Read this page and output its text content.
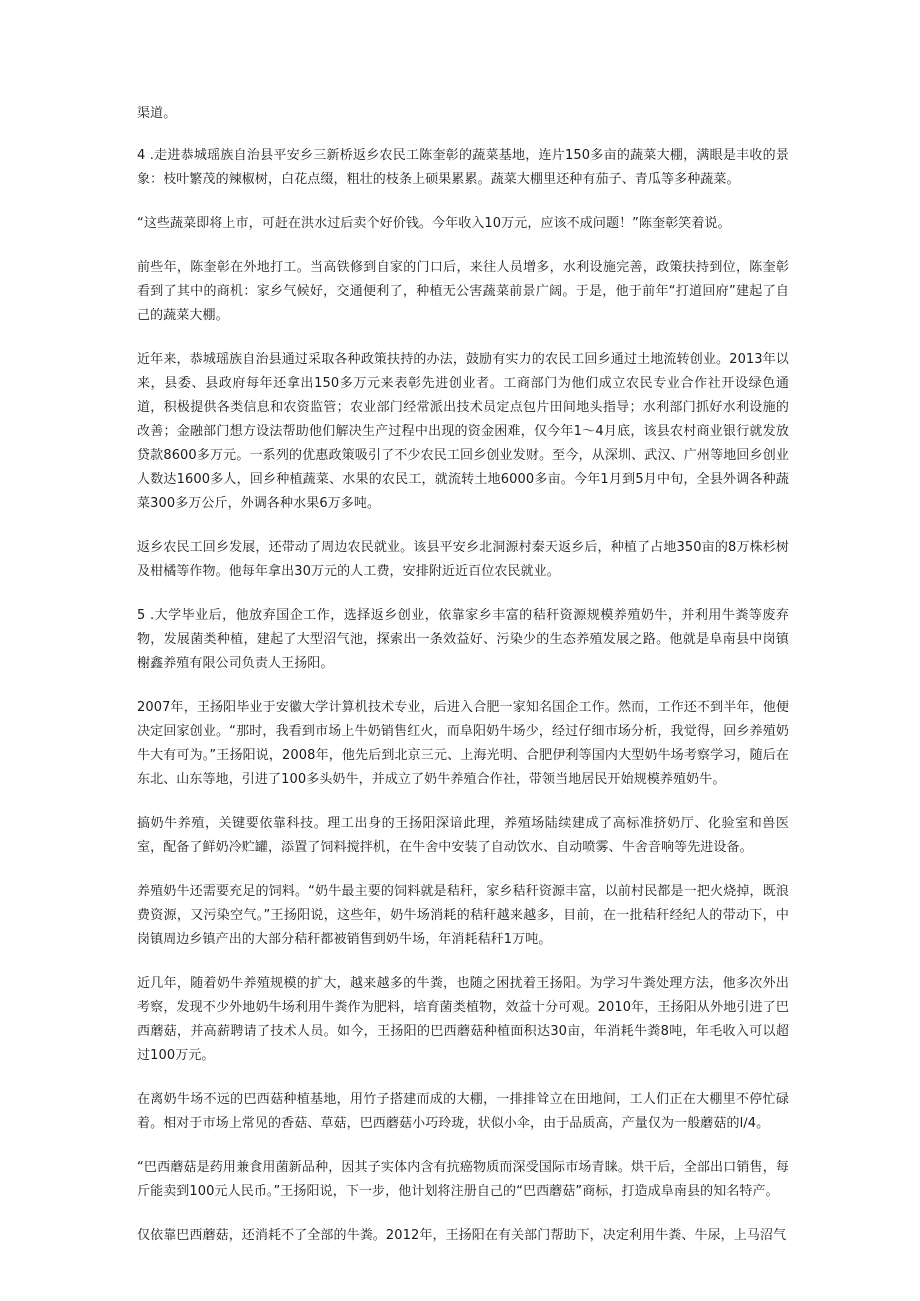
渠道。

4 .走进恭城瑶族自治县平安乡三新桥返乡农民工陈奎彰的蔬菜基地，连片150多亩的蔬菜大棚，满眼是丰收的景象：枝叶繁茂的辣椒树，白花点缀，粗壮的枝条上硕果累累。蔬菜大棚里还种有茄子、青瓜等多种蔬菜。

“这些蔬菜即将上市，可赶在洪水过后卖个好价钱。今年收入10万元，应该不成问题！”陈奎彰笑着说。

前些年，陈奎彰在外地打工。当高铁修到自家的门口后，来往人员增多，水利设施完善，政策扶持到位，陈奎彰看到了其中的商机：家乡气候好，交通便利了，种植无公害蔬菜前景广阔。于是，他于前年“打道回府”建起了自己的蔬菜大棚。

近年来，恭城瑶族自治县通过采取各种政策扶持的办法，鼓励有实力的农民工回乡通过土地流转创业。2013年以来，县委、县政府每年还拿出150多万元来表彰先进创业者。工商部门为他们成立农民专业合作社开设绿色通道，积极提供各类信息和农资监管；农业部门经常派出技术员定点包片田间地头指导；水利部门抓好水利设施的改善；金融部门想方设法帮助他们解决生产过程中出现的资金困难，仅今年1〜4月底，该县农村商业银行就发放贷款8600多万元。一系列的优惠政策吸引了不少农民工回乡创业发财。至今，从深圳、武汉、广州等地回乡创业人数达1600多人，回乡种植蔬菜、水果的农民工，就流转土地6000多亩。今年1月到5月中旬，全县外调各种蔬菜300多万公斤，外调各种水果6万多吨。

返乡农民工回乡发展，还带动了周边农民就业。该县平安乡北洞源村秦天返乡后，种植了占地350亩的8万株杉树及柑橘等作物。他每年拿出30万元的人工费，安排附近近百位农民就业。

5 .大学毕业后，他放弃国企工作，选择返乡创业，依靠家乡丰富的秸秆资源规模养殖奶牛，并利用牛粪等废弃物，发展菌类种植，建起了大型沼气池，探索出一条效益好、污染少的生态养殖发展之路。他就是阜南县中岗镇榭鑫养殖有限公司负责人王扬阳。

2007年，王扬阳毕业于安徽大学计算机技术专业，后进入合肥一家知名国企工作。然而，工作还不到半年，他便决定回家创业。“那时，我看到市场上牛奶销售红火，而阜阳奶牛场少，经过仔细市场分析，我觉得，回乡养殖奶牛大有可为。”王扬阳说，2008年，他先后到北京三元、上海光明、合肥伊利等国内大型奶牛场考察学习，随后在东北、山东等地，引进了100多头奶牛，并成立了奶牛养殖合作社，带领当地居民开始规模养殖奶牛。

搞奶牛养殖，关键要依靠科技。理工出身的王扬阳深谙此理，养殖场陆续建成了高标准挤奶厅、化验室和兽医室，配备了鲜奶冷贮罐，添置了饲料搅拌机，在牛舍中安装了自动饮水、自动喷雾、牛舍音响等先进设备。

养殖奶牛还需要充足的饲料。“奶牛最主要的饲料就是秸秆，家乡秸秆资源丰富，以前村民都是一把火烧掉，既浪费资源，又污染空气。”王扬阳说，这些年，奶牛场消耗的秸秆越来越多，目前，在一批秸秆经纪人的带动下，中岗镇周边乡镇产出的大部分秸秆都被销售到奶牛场，年消耗秸秆1万吨。

近几年，随着奶牛养殖规模的扩大，越来越多的牛粪，也随之困扰着王扬阳。为学习牛粪处理方法，他多次外出考察，发现不少外地奶牛场利用牛粪作为肥料，培育菌类植物，效益十分可观。2010年，王扬阳从外地引进了巴西蘑菇，并高薪聘请了技术人员。如今，王扬阳的巴西蘑菇种植面积达30亩，年消耗牛粪8吨，年毛收入可以超过100万元。

在离奶牛场不远的巴西菇种植基地，用竹子搭建而成的大棚，一排排耸立在田地间，工人们正在大棚里不停忙碌着。相对于市场上常见的香菇、草菇，巴西蘑菇小巧玲珑，状似小伞，由于品质高，产量仅为一般蘑菇的l∕4。

“巴西蘑菇是药用兼食用菌新品种，因其子实体内含有抗癌物质而深受国际市场青睐。烘干后，全部出口销售，每斤能卖到100元人民币。”王扬阳说，下一步，他计划将注册自己的“巴西蘑菇”商标，打造成阜南县的知名特产。

仅依靠巴西蘑菇，还消耗不了全部的牛粪。2012年，王扬阳在有关部门帮助下，决定利用牛粪、牛尿，上马沼气
